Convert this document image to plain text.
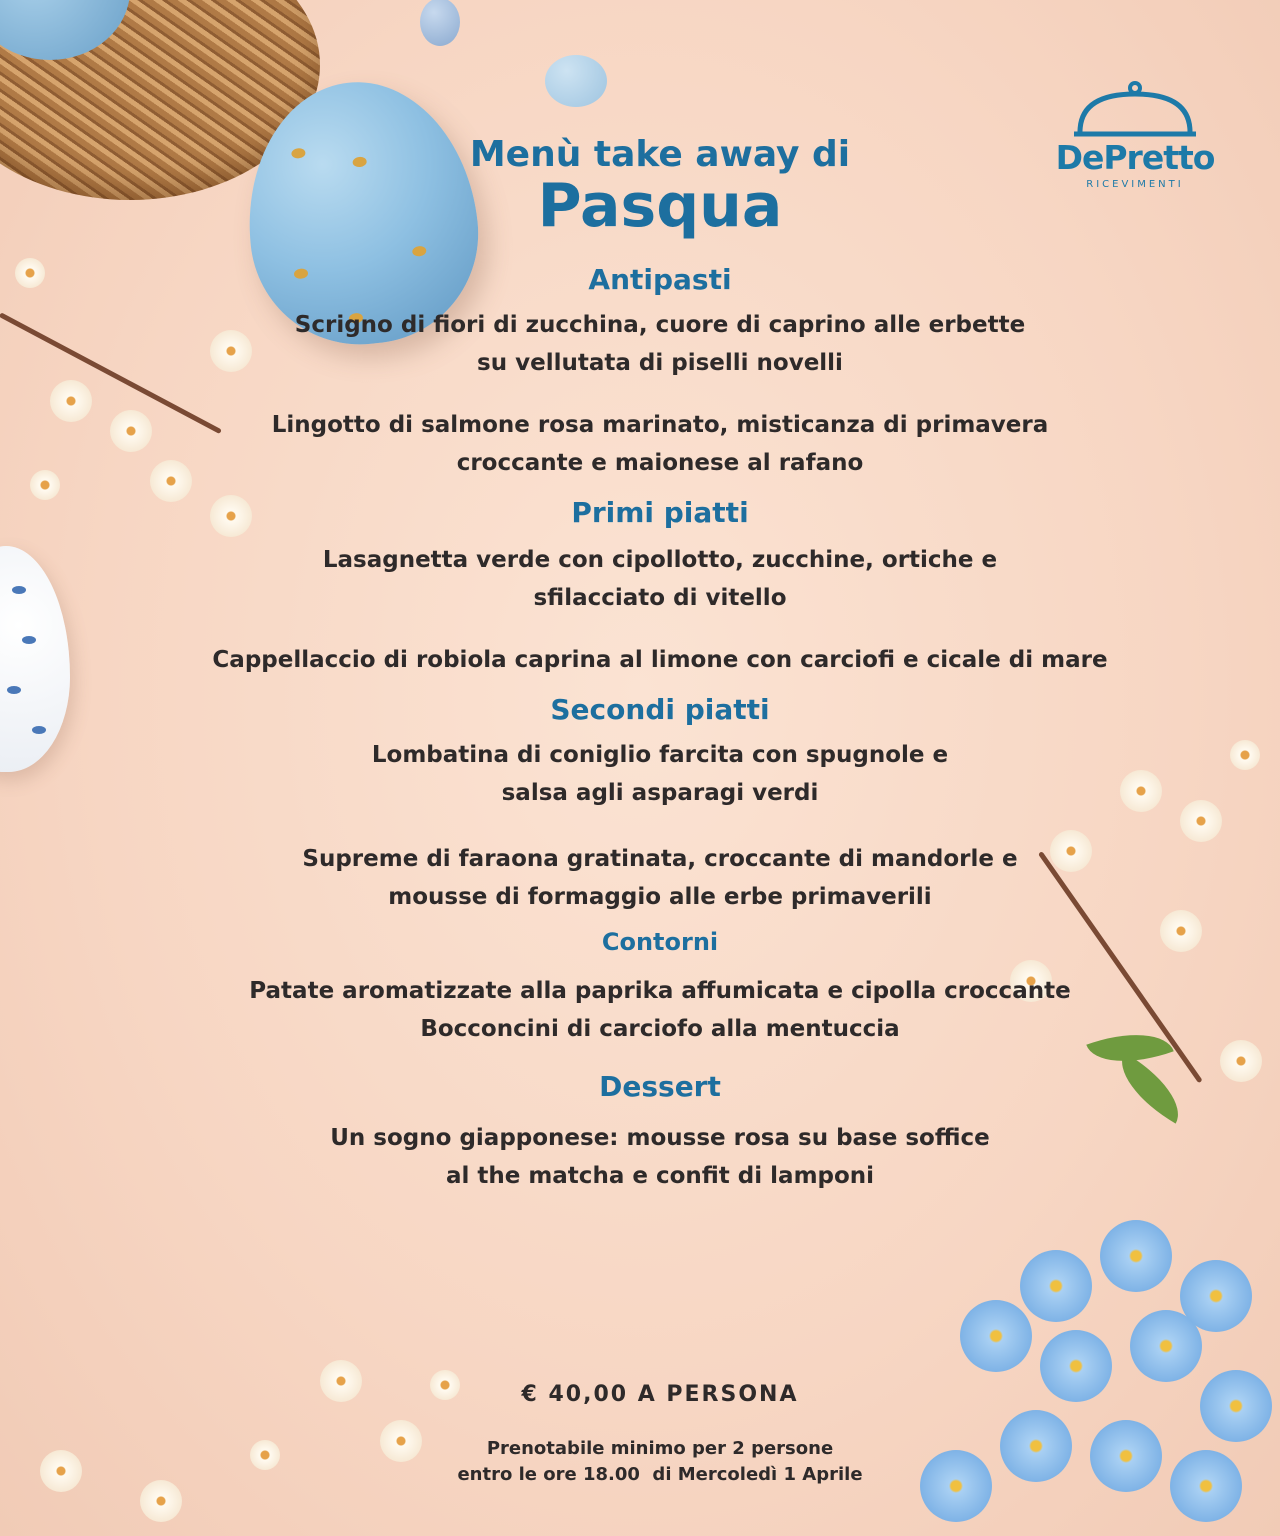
DePretto
RICEVIMENTI
Menù take away di
Pasqua
Antipasti
Scrigno di fiori di zucchina, cuore di caprino alle erbette
su vellutata di piselli novelli
Lingotto di salmone rosa marinato, misticanza di primavera
croccante e maionese al rafano
Primi piatti
Lasagnetta verde con cipollotto, zucchine, ortiche e
sfilacciato di vitello
Cappellaccio di robiola caprina al limone con carciofi e cicale di mare
Secondi piatti
Lombatina di coniglio farcita con spugnole e
salsa agli asparagi verdi
Supreme di faraona gratinata, croccante di mandorle e
mousse di formaggio alle erbe primaverili
Contorni
Patate aromatizzate alla paprika affumicata e cipolla croccante
Bocconcini di carciofo alla mentuccia
Dessert
Un sogno giapponese: mousse rosa su base soffice
al the matcha e confit di lamponi
€ 40,00 A PERSONA
Prenotabile minimo per 2 persone
entro le ore 18.00  di Mercoledì 1 Aprile
